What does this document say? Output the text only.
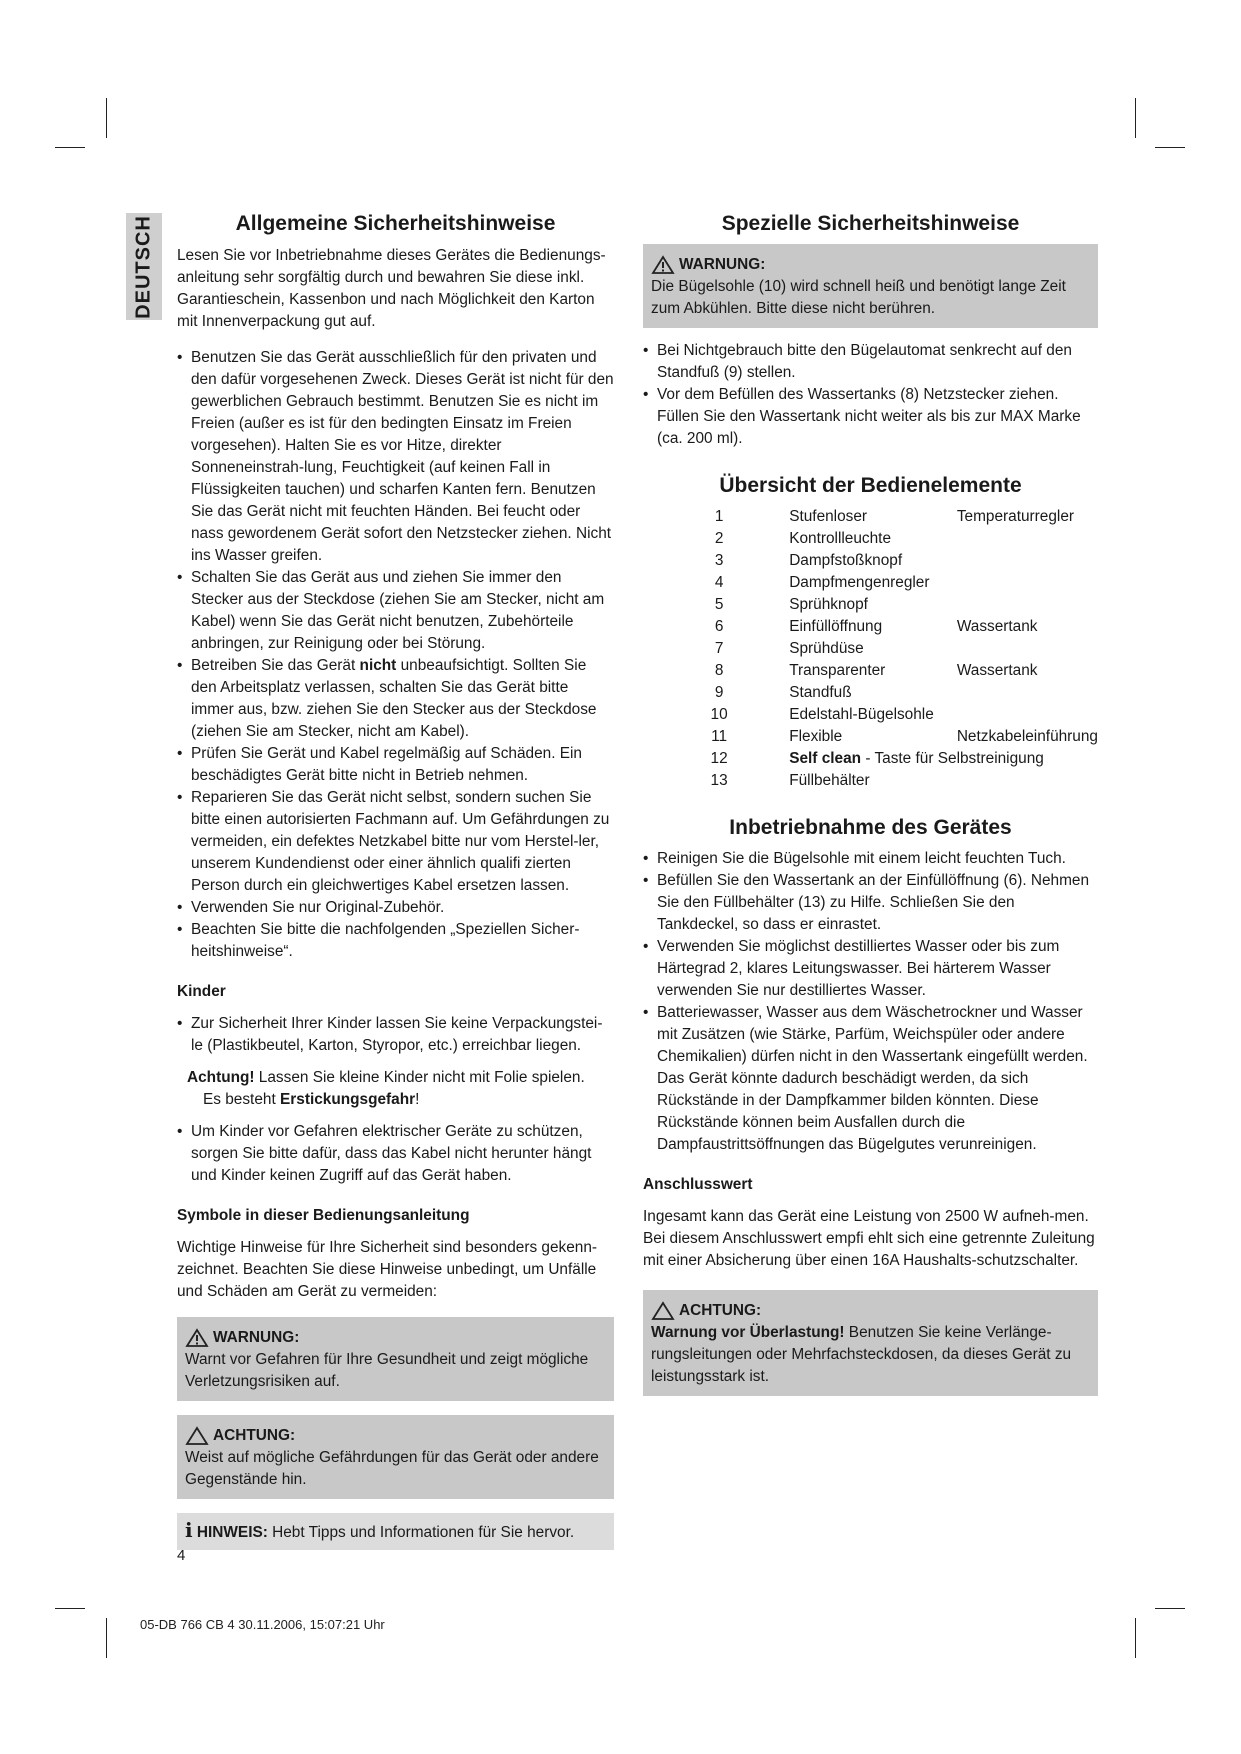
DEUTSCH	Allgemeine Sicherheitshinweise

Lesen Sie vor Inbetriebnahme dieses Gerätes die Bedienungs-anleitung sehr sorgfältig durch und bewahren Sie diese inkl. Garantieschein, Kassenbon und nach Möglichkeit den Karton mit Innenverpackung gut auf.

• Benutzen Sie das Gerät ausschließlich für den privaten und den dafür vorgesehenen Zweck. Dieses Gerät ist nicht für den gewerblichen Gebrauch bestimmt. Benutzen Sie es nicht im Freien (außer es ist für den bedingten Einsatz im Freien vorgesehen). Halten Sie es vor Hitze, direkter Sonneneinstrah-lung, Feuchtigkeit (auf keinen Fall in Flüssigkeiten tauchen) und scharfen Kanten fern. Benutzen Sie das Gerät nicht mit feuchten Händen. Bei feucht oder nass gewordenem Gerät sofort den Netzstecker ziehen. Nicht ins Wasser greifen.
• Schalten Sie das Gerät aus und ziehen Sie immer den Stecker aus der Steckdose (ziehen Sie am Stecker, nicht am Kabel) wenn Sie das Gerät nicht benutzen, Zubehörteile anbringen, zur Reinigung oder bei Störung.
• Betreiben Sie das Gerät nicht unbeaufsichtigt. Sollten Sie den Arbeitsplatz verlassen, schalten Sie das Gerät bitte immer aus, bzw. ziehen Sie den Stecker aus der Steckdose (ziehen Sie am Stecker, nicht am Kabel).
• Prüfen Sie Gerät und Kabel regelmäßig auf Schäden. Ein beschädigtes Gerät bitte nicht in Betrieb nehmen.
• Reparieren Sie das Gerät nicht selbst, sondern suchen Sie bitte einen autorisierten Fachmann auf. Um Gefährdungen zu vermeiden, ein defektes Netzkabel bitte nur vom Herstel-ler, unserem Kundendienst oder einer ähnlich qualifi zierten Person durch ein gleichwertiges Kabel ersetzen lassen.
• Verwenden Sie nur Original-Zubehör.
• Beachten Sie bitte die nachfolgenden „Speziellen Sicher-heitshinweise“.
Kinder
• Zur Sicherheit Ihrer Kinder lassen Sie keine Verpackungstei-le (Plastikbeutel, Karton, Styropor, etc.) erreichbar liegen.

Achtung! Lassen Sie kleine Kinder nicht mit Folie spielen.
Es besteht Erstickungsgefahr!

• Um Kinder vor Gefahren elektrischer Geräte zu schützen, sorgen Sie bitte dafür, dass das Kabel nicht herunter hängt und Kinder keinen Zugriff auf das Gerät haben.
Symbole in dieser Bedienungsanleitung

Wichtige Hinweise für Ihre Sicherheit sind besonders gekenn-zeichnet. Beachten Sie diese Hinweise unbedingt, um Unfälle und Schäden am Gerät zu vermeiden:

WARNUNG:
Warnt vor Gefahren für Ihre Gesundheit und zeigt mögliche Verletzungsrisiken auf.
ACHTUNG:
Weist auf mögliche Gefährdungen für das Gerät oder andere Gegenstände hin.
i HINWEIS: Hebt Tipps und Informationen für Sie hervor.
Spezielle Sicherheitshinweise
WARNUNG:
Die Bügelsohle (10) wird schnell heiß und benötigt lange Zeit zum Abkühlen. Bitte diese nicht berühren.
• Bei Nichtgebrauch bitte den Bügelautomat senkrecht auf den Standfuß (9) stellen.
• Vor dem Befüllen des Wassertanks (8) Netzstecker ziehen. Füllen Sie den Wassertank nicht weiter als bis zur MAX Marke (ca. 200 ml).
Übersicht der Bedienelemente
1	Stufenloser	Temperaturregler
2	Kontrollleuchte	
3	Dampfstoßknopf	
4	Dampfmengenregler	
5	Sprühknopf	
6	Einfüllöffnung	Wassertank
7	Sprühdüse	
8	Transparenter	Wassertank
9	Standfuß	
10	Edelstahl-Bügelsohle	
11	Flexible	Netzkabeleinführung
12	Self clean - Taste für Selbstreinigung	
13	Füllbehälter	
Inbetriebnahme des Gerätes
• Reinigen Sie die Bügelsohle mit einem leicht feuchten Tuch.
• Befüllen Sie den Wassertank an der Einfüllöffnung (6). Nehmen Sie den Füllbehälter (13) zu Hilfe. Schließen Sie den Tankdeckel, so dass er einrastet.
• Verwenden Sie möglichst destilliertes Wasser oder bis zum Härtegrad 2, klares Leitungswasser. Bei härterem Wasser verwenden Sie nur destilliertes Wasser.
• Batteriewasser, Wasser aus dem Wäschetrockner und Wasser mit Zusätzen (wie Stärke, Parfüm, Weichspüler oder andere Chemikalien) dürfen nicht in den Wassertank eingefüllt werden. Das Gerät könnte dadurch beschädigt werden, da sich Rückstände in der Dampfkammer bilden könnten. Diese Rückstände können beim Ausfallen durch die Dampfaustrittsöffnungen das Bügelgutes verunreinigen.
Anschlusswert

Ingesamt kann das Gerät eine Leistung von 2500 W aufneh-men. Bei diesem Anschlusswert empfi ehlt sich eine getrennte Zuleitung mit einer Absicherung über einen 16A Haushalts-schutzschalter.

ACHTUNG:
Warnung vor Überlastung! Benutzen Sie keine Verlänge-rungsleitungen oder Mehrfachsteckdosen, da dieses Gerät zu leistungsstark ist.
4
05-DB 766 CB 4 30.11.2006, 15:07:21 Uhr
